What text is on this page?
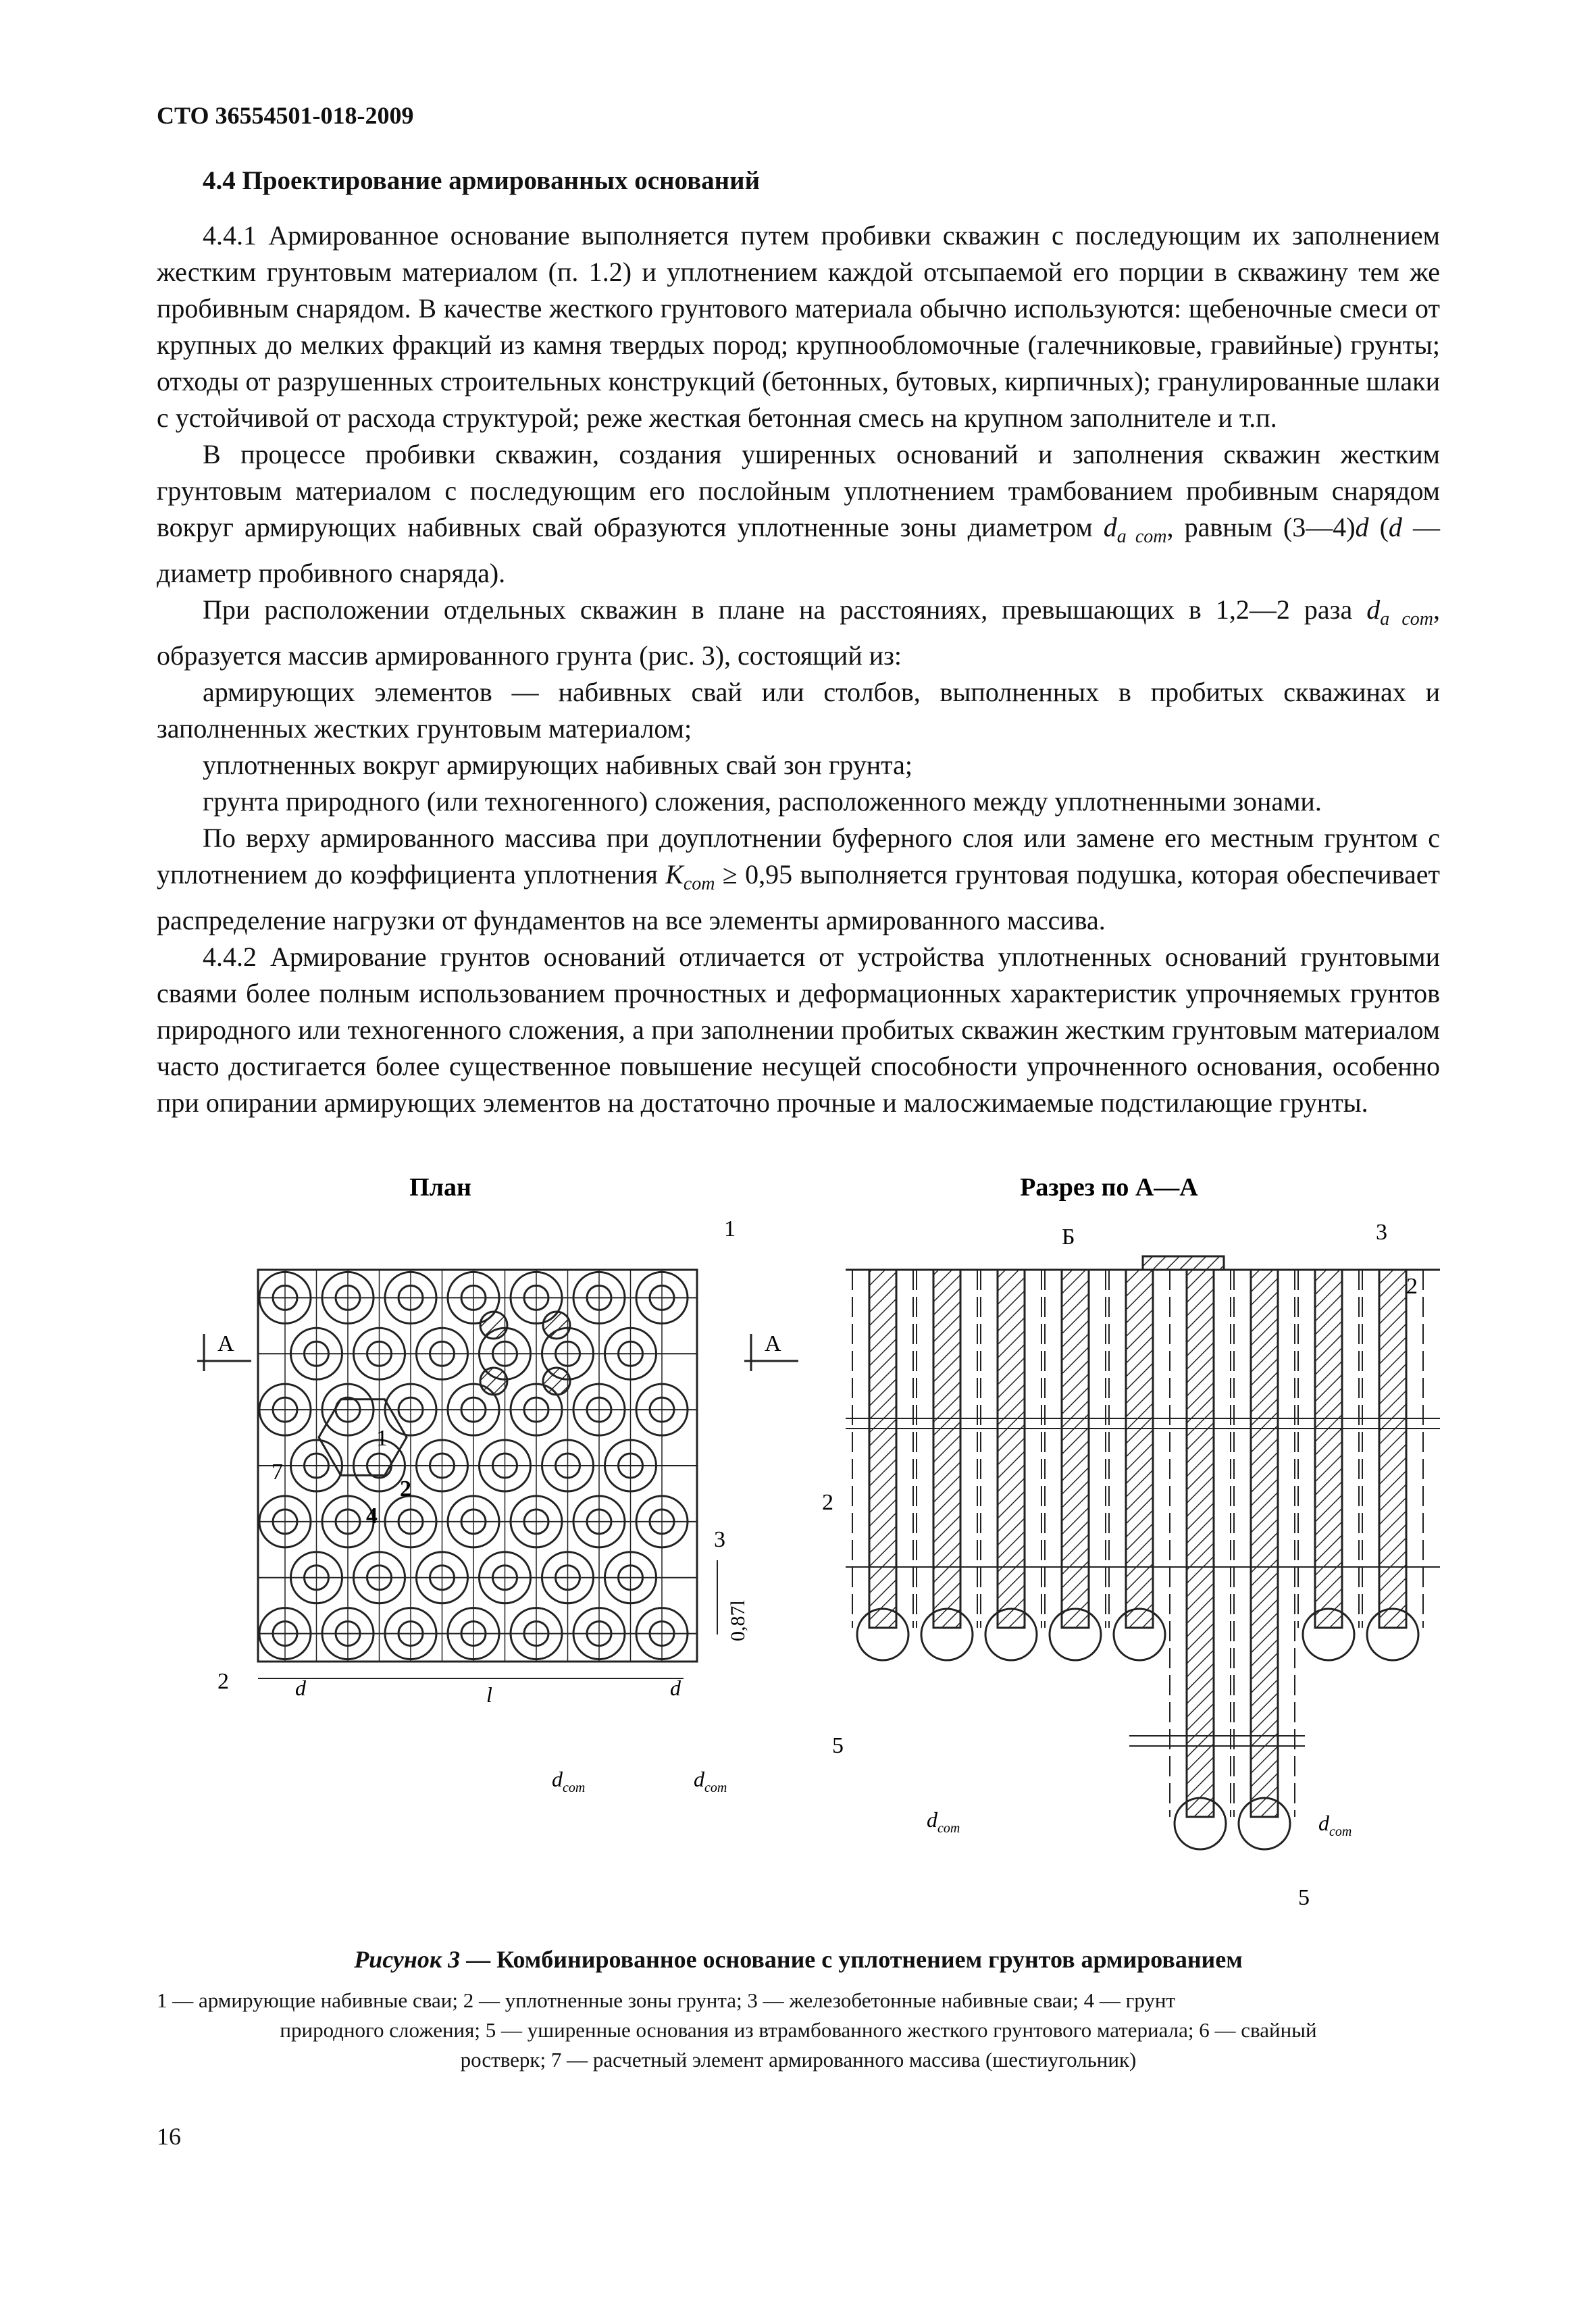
СТО 36554501-018-2009
4.4 Проектирование армированных оснований

4.4.1 Армированное основание выполняется путем пробивки скважин с последующим их заполнением жестким грунтовым материалом (п. 1.2) и уплотнением каждой отсыпаемой его порции в скважину тем же пробивным снарядом. В качестве жесткого грунтового материала обычно используются: щебеночные смеси от крупных до мелких фракций из камня твердых пород; крупнообломочные (галечниковые, гравийные) грунты; отходы от разрушенных строительных конструкций (бетонных, бутовых, кирпичных); гранулированные шлаки с устойчивой от расхода структурой; реже жесткая бетонная смесь на крупном заполнителе и т.п.

В процессе пробивки скважин, создания уширенных оснований и заполнения скважин жестким грунтовым материалом с последующим его послойным уплотнением трамбованием пробивным снарядом вокруг армирующих набивных свай образуются уплотненные зоны диаметром $d_{a com}$, равным (3—4)d (d — диаметр пробивного снаряда).

При расположении отдельных скважин в плане на расстояниях, превышающих в 1,2—2 раза $d_{a com}$, образуется массив армированного грунта (рис. 3), состоящий из:

армирующих элементов — набивных свай или столбов, выполненных в пробитых скважинах и заполненных жестких грунтовым материалом;

уплотненных вокруг армирующих набивных свай зон грунта;

грунта природного (или техногенного) сложения, расположенного между уплотненными зонами.

По верху армированного массива при доуплотнении буферного слоя или замене его местным грунтом с уплотнением до коэффициента уплотнения $K_{com} \ge 0,95$ выполняется грунтовая подушка, которая обеспечивает распределение нагрузки от фундаментов на все элементы армированного массива.

4.4.2 Армирование грунтов оснований отличается от устройства уплотненных оснований грунтовыми сваями более полным использованием прочностных и деформационных характеристик упрочняемых грунтов природного или техногенного сложения, а при заполнении пробитых скважин жестким грунтовым материалом часто достигается более существенное повышение несущей способности упрочненного основания, особенно при опирании армирующих элементов на достаточно прочные и малосжимаемые подстилающие грунты.

План
А	А
1
1
2
7
4
3
2
0,87l
d	l	d
$d_{com}$	$d_{com}$
Разрез по А—А
Б	3
2
2
5
5
$d_{com}$	$d_{com}$
Рисунок 3 — Комбинированное основание с уплотнением грунтов армированием
1 — армирующие набивные сваи; 2 — уплотненные зоны грунта; 3 — железобетонные набивные сваи; 4 — грунт
природного сложения; 5 — уширенные основания из втрамбованного жесткого грунтового материала; 6 — свайный
ростверк; 7 — расчетный элемент армированного массива (шестиугольник)
16
